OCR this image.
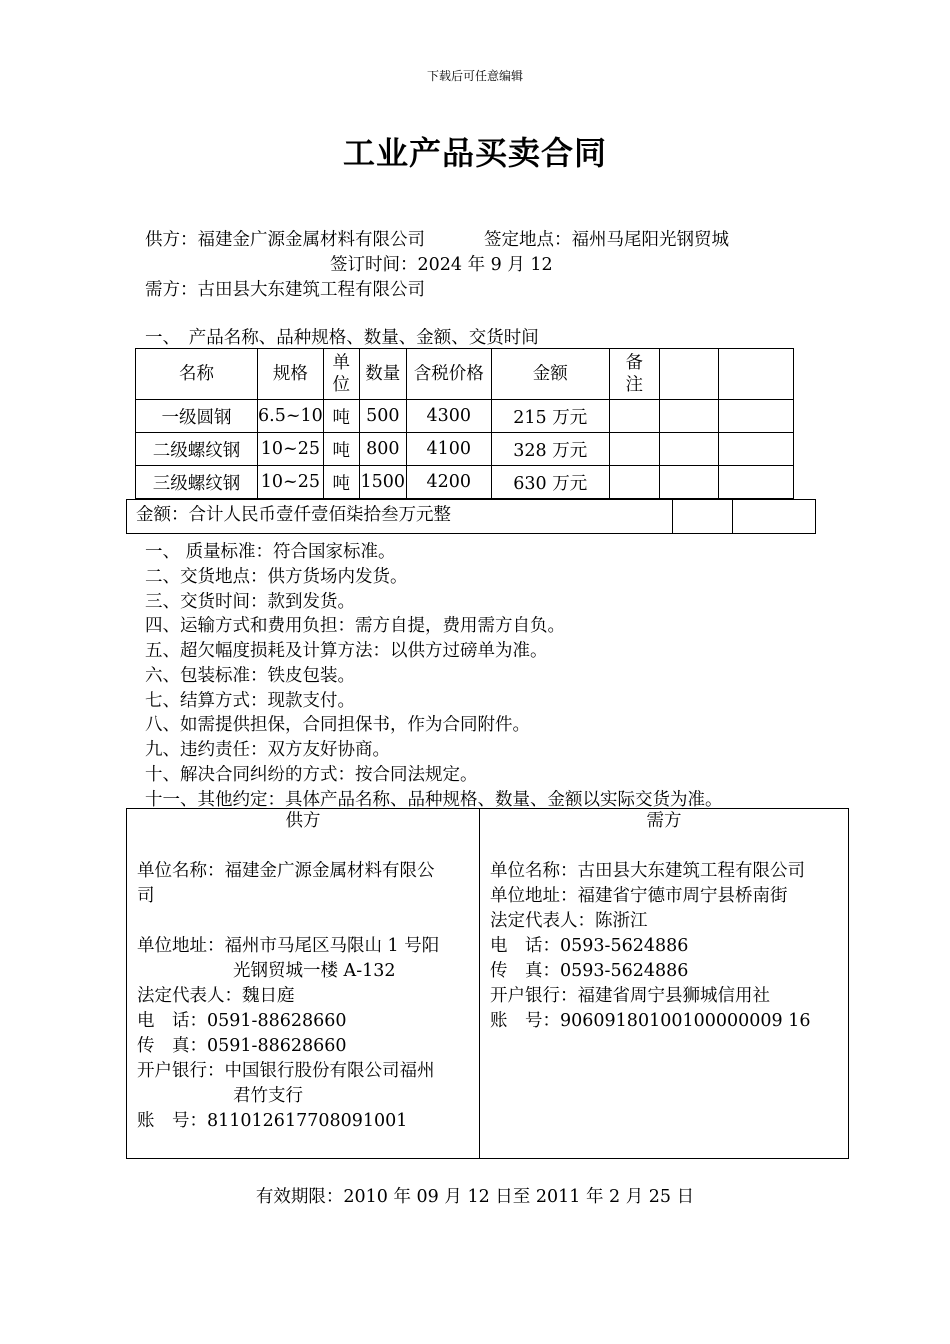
下载后可任意编辑
工业产品买卖合同
供方：福建金广源金属材料有限公司	签定地点：福州马尾阳光钢贸城
签订时间：2024 年 9 月 12
需方：古田县大东建筑工程有限公司
一、　产品名称、品种规格、数量、金额、交货时间
名称	规格	单位	数量	含税价格	金额	备注		
一级圆钢	6.5~10	吨	500	4300	215 万元			
二级螺纹钢	10~25	吨	800	4100	328 万元			
三级螺纹钢	10~25	吨	1500	4200	630 万元			
金额：合计人民币壹仟壹佰柒拾叁万元整		
一、 质量标准：符合国家标准。
二、交货地点：供方货场内发货。
三、交货时间：款到发货。
四、运输方式和费用负担：需方自提，费用需方自负。
五、超欠幅度损耗及计算方法：以供方过磅单为准。
六、包装标准：铁皮包装。
七、结算方式：现款支付。
八、如需提供担保，合同担保书，作为合同附件。
九、违约责任：双方友好协商。
十、解决合同纠纷的方式：按合同法规定。
十一、其他约定：具体产品名称、品种规格、数量、金额以实际交货为准。
供方
单位名称：福建金广源金属材料有限公
司
单位地址：福州市马尾区马限山 1 号阳
光钢贸城一楼 A-132
法定代表人：魏日庭
电　话：0591-88628660
传　真：0591-88628660
开户银行：中国银行股份有限公司福州
君竹支行
账　号：811012617708091001
需方
单位名称：古田县大东建筑工程有限公司
单位地址：福建省宁德市周宁县桥南街
法定代表人：陈浙江
电　话：0593-5624886
传　真：0593-5624886
开户银行：福建省周宁县狮城信用社
账　号：90609180100100000009 16
有效期限：2010 年 09 月 12 日至 2011 年 2 月 25 日
